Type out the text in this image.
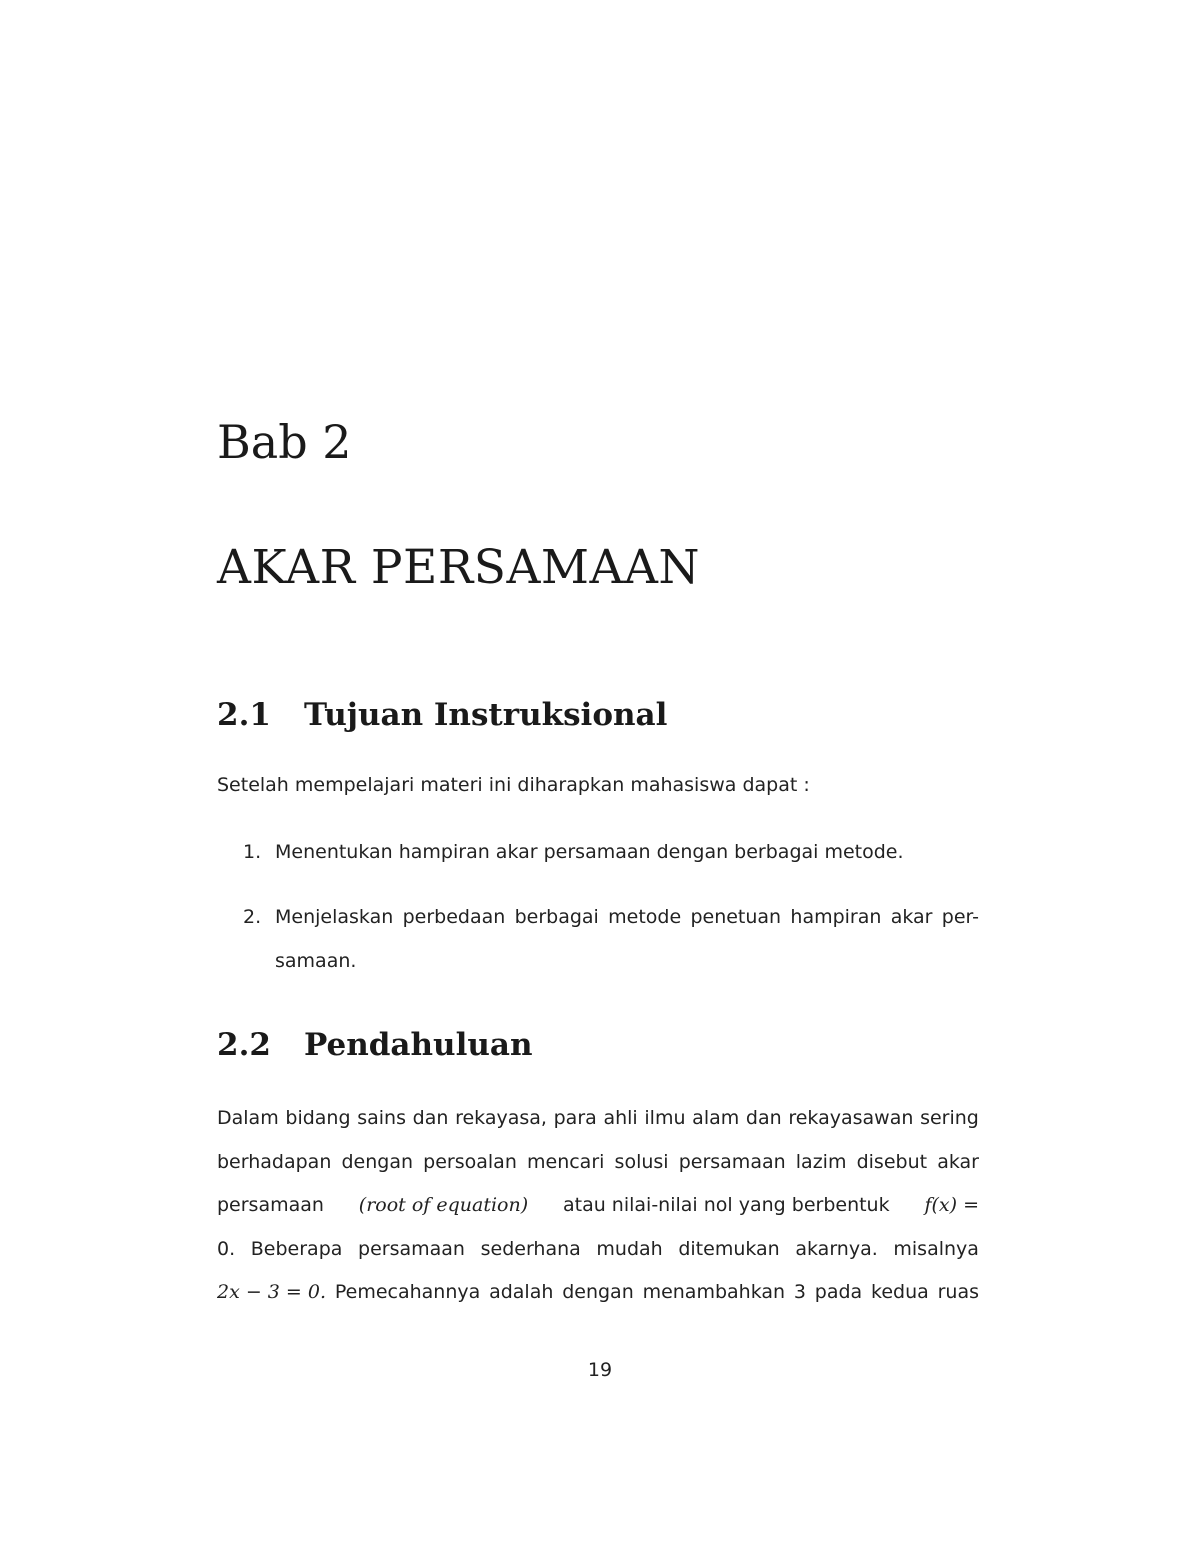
Bab 2
AKAR PERSAMAAN
2.1 Tujuan Instruksional
Setelah mempelajari materi ini diharapkan mahasiswa dapat :
1. Menentukan hampiran akar persamaan dengan berbagai metode.
2. Menjelaskan perbedaan berbagai metode penetuan hampiran akar per-
samaan.
2.2 Pendahuluan
Dalam bidang sains dan rekayasa, para ahli ilmu alam dan rekayasawan sering
berhadapan dengan persoalan mencari solusi persamaan lazim disebut akar
persamaan (root of equation) atau nilai-nilai nol yang berbentuk f(x) =
0. Beberapa persamaan sederhana mudah ditemukan akarnya. misalnya
2x − 3 = 0. Pemecahannya adalah dengan menambahkan 3 pada kedua ruas
19
